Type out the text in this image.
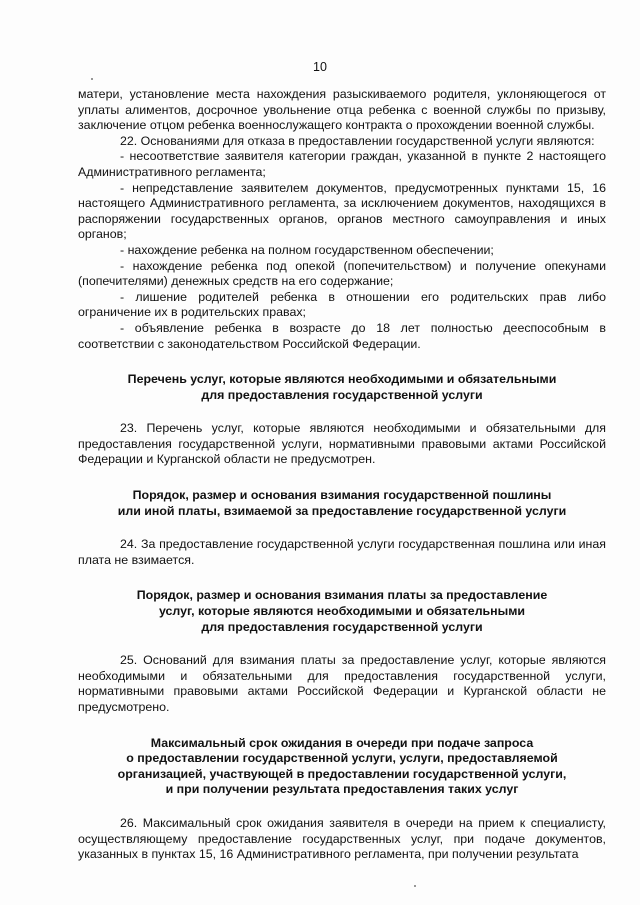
10

матери, установление места нахождения разыскиваемого родителя, уклоняющегося от уплаты алиментов, досрочное увольнение отца ребенка с военной службы по призыву, заключение отцом ребенка военнослужащего контракта о прохождении военной службы.

22. Основаниями для отказа в предоставлении государственной услуги являются:

- несоответствие заявителя категории граждан, указанной в пункте 2 настоящего Административного регламента;

- непредставление заявителем документов, предусмотренных пунктами 15, 16 настоящего Административного регламента, за исключением документов, находящихся в распоряжении государственных органов, органов местного самоуправления и иных органов;

- нахождение ребенка на полном государственном обеспечении;

- нахождение ребенка под опекой (попечительством) и получение опекунами (попечителями) денежных средств на его содержание;

- лишение родителей ребенка в отношении его родительских прав либо ограничение их в родительских правах;

- объявление ребенка в возрасте до 18 лет полностью дееспособным в соответствии с законодательством Российской Федерации.

Перечень услуг, которые являются необходимыми и обязательными
для предоставления государственной услуги

23. Перечень услуг, которые являются необходимыми и обязательными для предоставления государственной услуги, нормативными правовыми актами Российской Федерации и Курганской области не предусмотрен.

Порядок, размер и основания взимания государственной пошлины
или иной платы, взимаемой за предоставление государственной услуги

24. За предоставление государственной услуги государственная пошлина или иная плата не взимается.

Порядок, размер и основания взимания платы за предоставление
услуг, которые являются необходимыми и обязательными
для предоставления государственной услуги

25. Оснований для взимания платы за предоставление услуг, которые являются необходимыми и обязательными для предоставления государственной услуги, нормативными правовыми актами Российской Федерации и Курганской области не предусмотрено.

Максимальный срок ожидания в очереди при подаче запроса
о предоставлении государственной услуги, услуги, предоставляемой
организацией, участвующей в предоставлении государственной услуги,
и при получении результата предоставления таких услуг

26. Максимальный срок ожидания заявителя в очереди на прием к специалисту, осуществляющему предоставление государственных услуг, при подаче документов, указанных в пунктах 15, 16 Административного регламента, при получении результата
